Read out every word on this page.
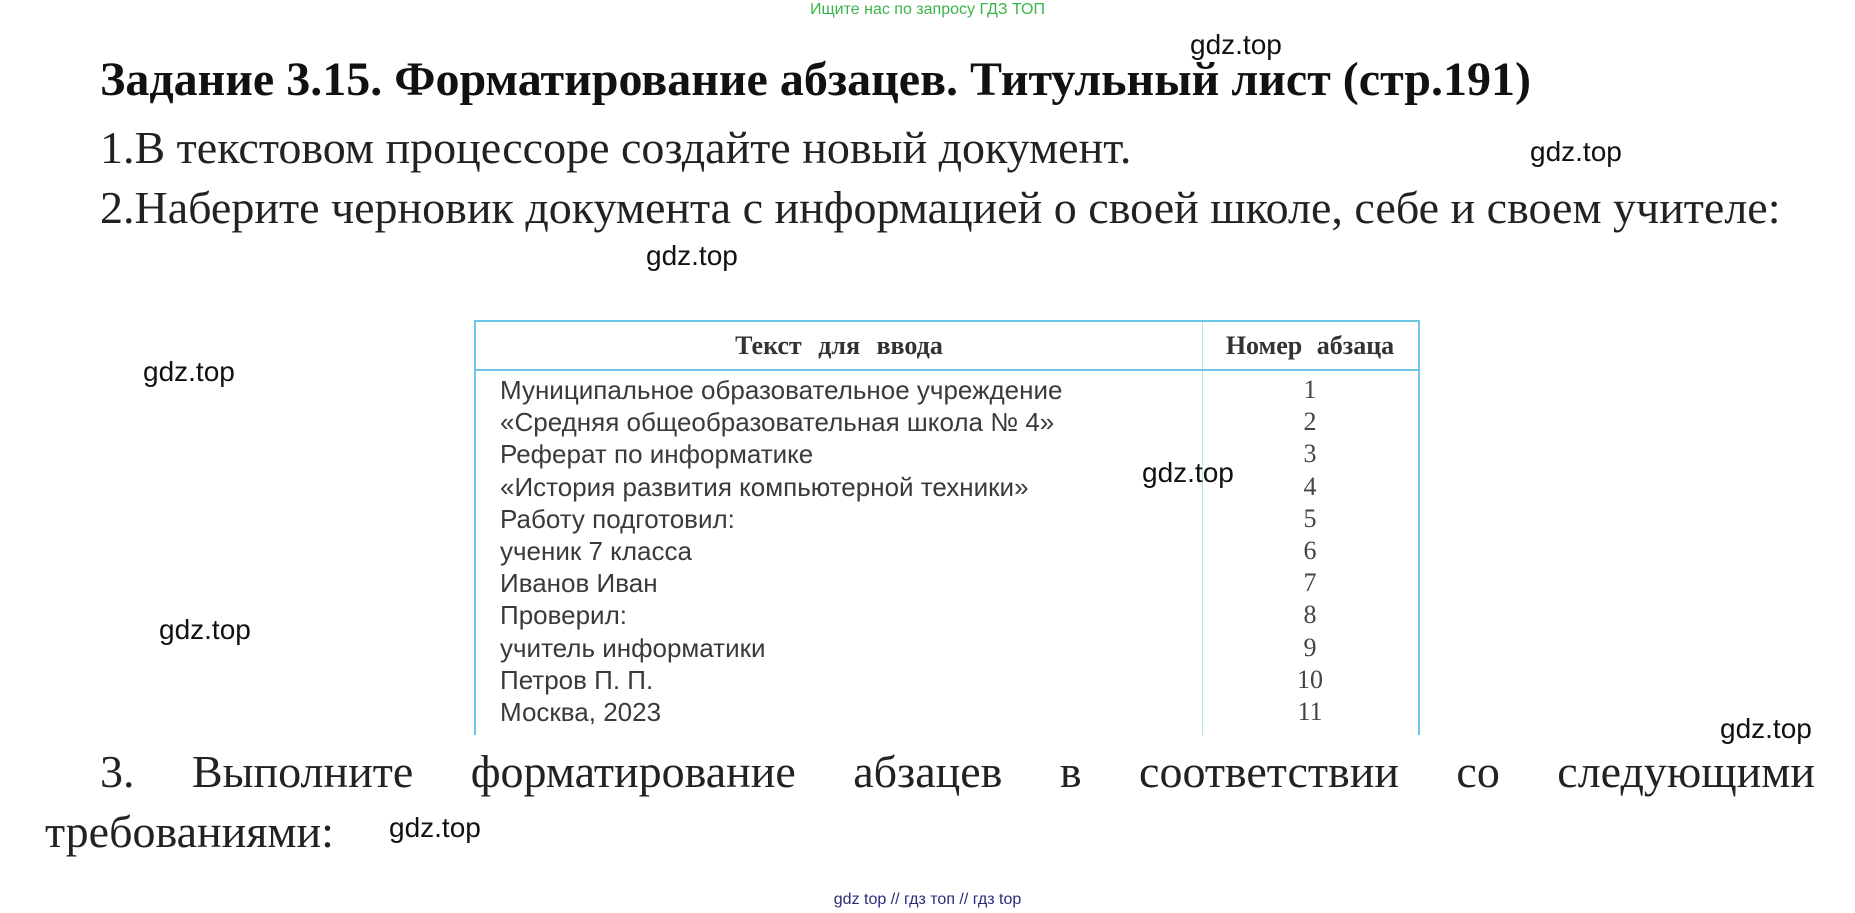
Ищите нас по запросу ГДЗ ТОП
Задание 3.15. Форматирование абзацев. Титульный лист (стр.191)
1.В текстовом процессоре создайте новый документ.
2.Наберите черновик документа с информацией о своей школе, себе и своем учителе:
Текст для ввода	Номер абзаца
Муниципальное образовательное учреждение	1
«Средняя общеобразовательная школа № 4»	2
Реферат по информатике	3
«История развития компьютерной техники»	4
Работу подготовил:	5
ученик 7 класса	6
Иванов Иван	7
Проверил:	8
учитель информатики	9
Петров П. П.	10
Москва, 2023	11
3. Выполните форматирование абзацев в соответствии со следующими требованиями:
gdz.top
gdz.top
gdz.top
gdz.top
gdz.top
gdz.top
gdz.top
gdz.top
gdz top // гдз топ // гдз top
